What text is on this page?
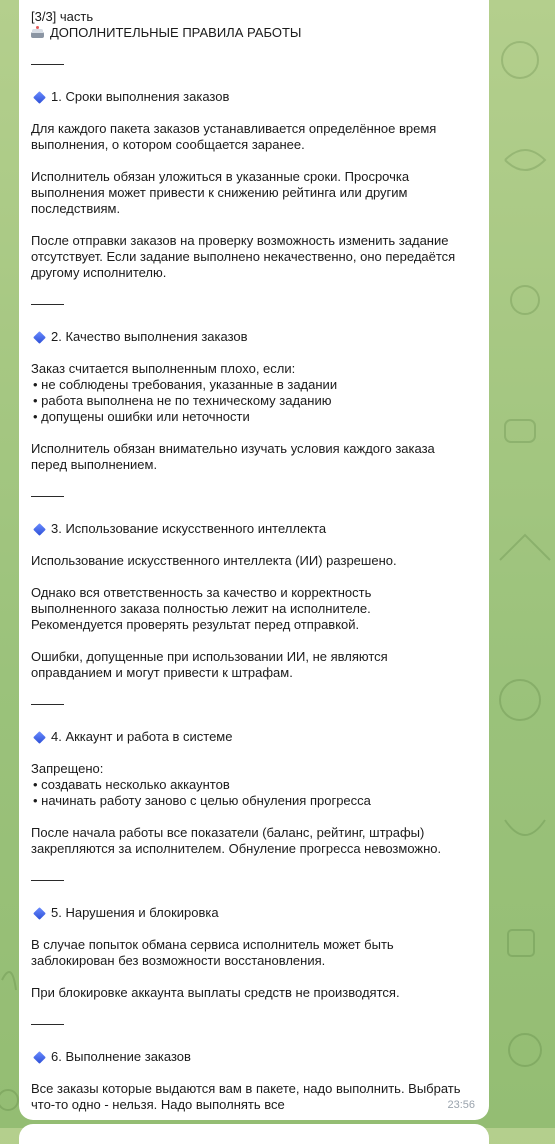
[3/3] часть
ДОПОЛНИТЕЛЬНЫЕ ПРАВИЛА РАБОТЫ
1. Сроки выполнения заказов
Для каждого пакета заказов устанавливается определённое время
выполнения, о котором сообщается заранее.
Исполнитель обязан уложиться в указанные сроки. Просрочка
выполнения может привести к снижению рейтинга или другим
последствиям.
После отправки заказов на проверку возможность изменить задание
отсутствует. Если задание выполнено некачественно, оно передаётся
другому исполнителю.
2. Качество выполнения заказов
Заказ считается выполненным плохо, если:
• не соблюдены требования, указанные в задании
• работа выполнена не по техническому заданию
• допущены ошибки или неточности
Исполнитель обязан внимательно изучать условия каждого заказа
перед выполнением.
3. Использование искусственного интеллекта
Использование искусственного интеллекта (ИИ) разрешено.
Однако вся ответственность за качество и корректность
выполненного заказа полностью лежит на исполнителе.
Рекомендуется проверять результат перед отправкой.
Ошибки, допущенные при использовании ИИ, не являются
оправданием и могут привести к штрафам.
4. Аккаунт и работа в системе
Запрещено:
• создавать несколько аккаунтов
• начинать работу заново с целью обнуления прогресса
После начала работы все показатели (баланс, рейтинг, штрафы)
закрепляются за исполнителем. Обнуление прогресса невозможно.
5. Нарушения и блокировка
В случае попыток обмана сервиса исполнитель может быть
заблокирован без возможности восстановления.
При блокировке аккаунта выплаты средств не производятся.
6. Выполнение заказов
Все заказы которые выдаются вам в пакете, надо выполнить. Выбрать
что-то одно - нельзя. Надо выполнять все	23:56
